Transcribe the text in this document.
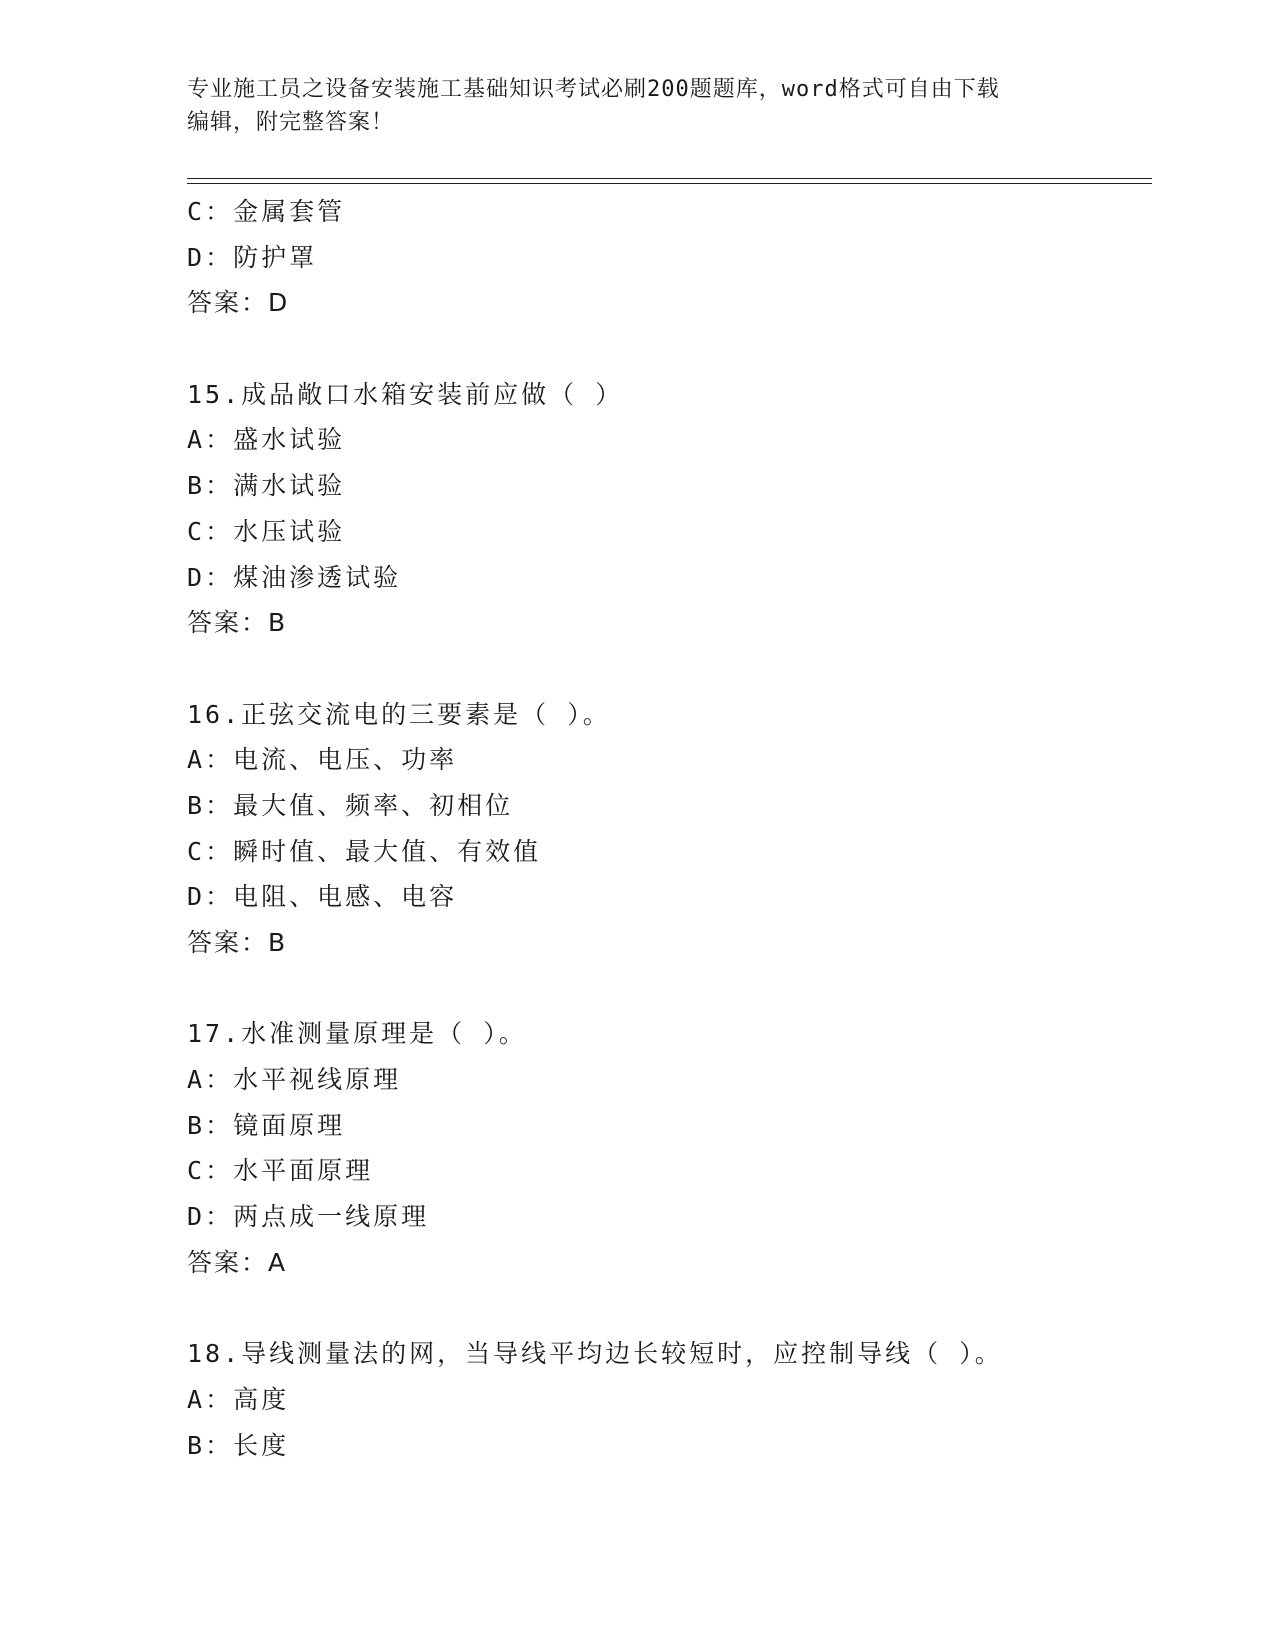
专业施工员之设备安装施工基础知识考试必刷200题题库，word格式可自由下载
编辑，附完整答案！
C：金属套管
D：防护罩
答案：D
15.成品敞口水箱安装前应做（ ）
A：盛水试验
B：满水试验
C：水压试验
D：煤油渗透试验
答案：B
16.正弦交流电的三要素是（ ）。
A：电流、电压、功率
B：最大值、频率、初相位
C：瞬时值、最大值、有效值
D：电阻、电感、电容
答案：B
17.水准测量原理是（ ）。
A：水平视线原理
B：镜面原理
C：水平面原理
D：两点成一线原理
答案：A
18.导线测量法的网，当导线平均边长较短时，应控制导线（ ）。
A：高度
B：长度
